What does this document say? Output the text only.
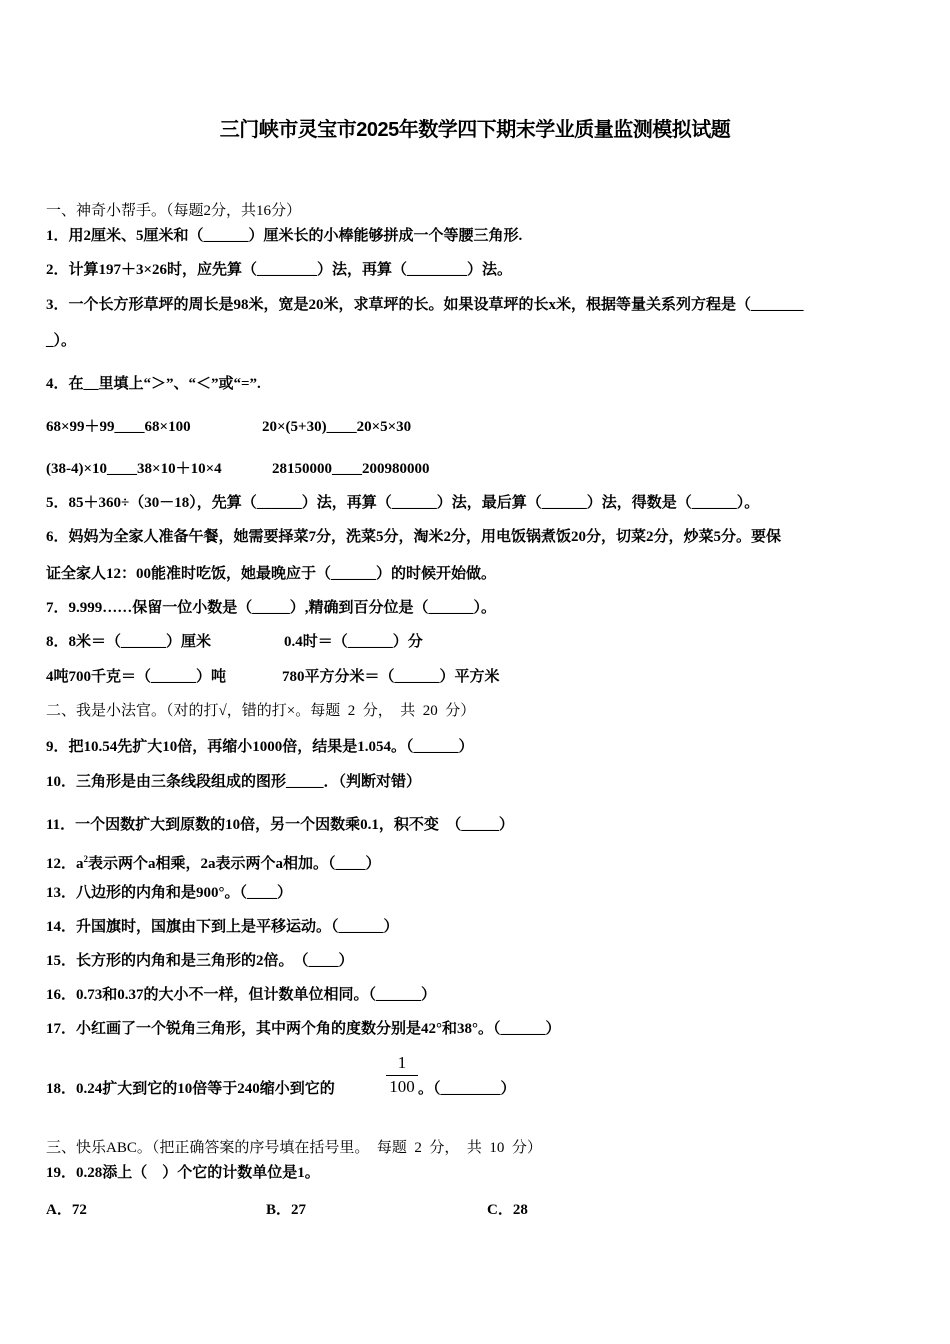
三门峡市灵宝市2025年数学四下期末学业质量监测模拟试题
一、神奇小帮手。（每题2分，共16分）
1．用2厘米、5厘米和（______）厘米长的小棒能够拼成一个等腰三角形.
2．计算197＋3×26时，应先算（________）法，再算（________）法。
3．一个长方形草坪的周长是98米，宽是20米，求草坪的长。如果设草坪的长x米，根据等量关系列方程是（_______
_）。
4．在__里填上“＞”、“＜”或“=”.
68×99＋99____68×100	20×(5+30)____20×5×30
(38-4)×10____38×10＋10×4	28150000____200980000
5．85＋360÷（30－18），先算（______）法，再算（______）法，最后算（______）法，得数是（______）。
6．妈妈为全家人准备午餐，她需要择菜7分，洗菜5分，淘米2分，用电饭锅煮饭20分，切菜2分，炒菜5分。要保
证全家人12：00能准时吃饭，她最晚应于（______）的时候开始做。
7．9.999……保留一位小数是（_____）,精确到百分位是（______）。
8．8米＝（______）厘米	0.4时＝（______）分
4吨700千克＝（______）吨	780平方分米＝（______）平方米
二、我是小法官。（对的打√，错的打×。每题  2  分，  共  20  分）
9．把10.54先扩大10倍，再缩小1000倍，结果是1.054。（______）
10．三角形是由三条线段组成的图形_____．（判断对错）
11．一个因数扩大到原数的10倍，另一个因数乘0.1，积不变　（_____）
12．$a^2$表示两个a相乘，2a表示两个a相加。（____）
13．八边形的内角和是900°。（____）
14．升国旗时，国旗由下到上是平移运动。（______）
15．长方形的内角和是三角形的2倍。　（____）
16．0.73和0.37的大小不一样，但计数单位相同。（______）
17．小红画了一个锐角三角形，其中两个角的度数分别是42°和38°。（______）
18．0.24扩大到它的10倍等于240缩小到它的
1
100 。（________）
三、快乐ABC。（把正确答案的序号填在括号里。  每题  2  分，  共  10  分）
19．0.28添上（　）个它的计数单位是1。
A．72	B．27	C．28
